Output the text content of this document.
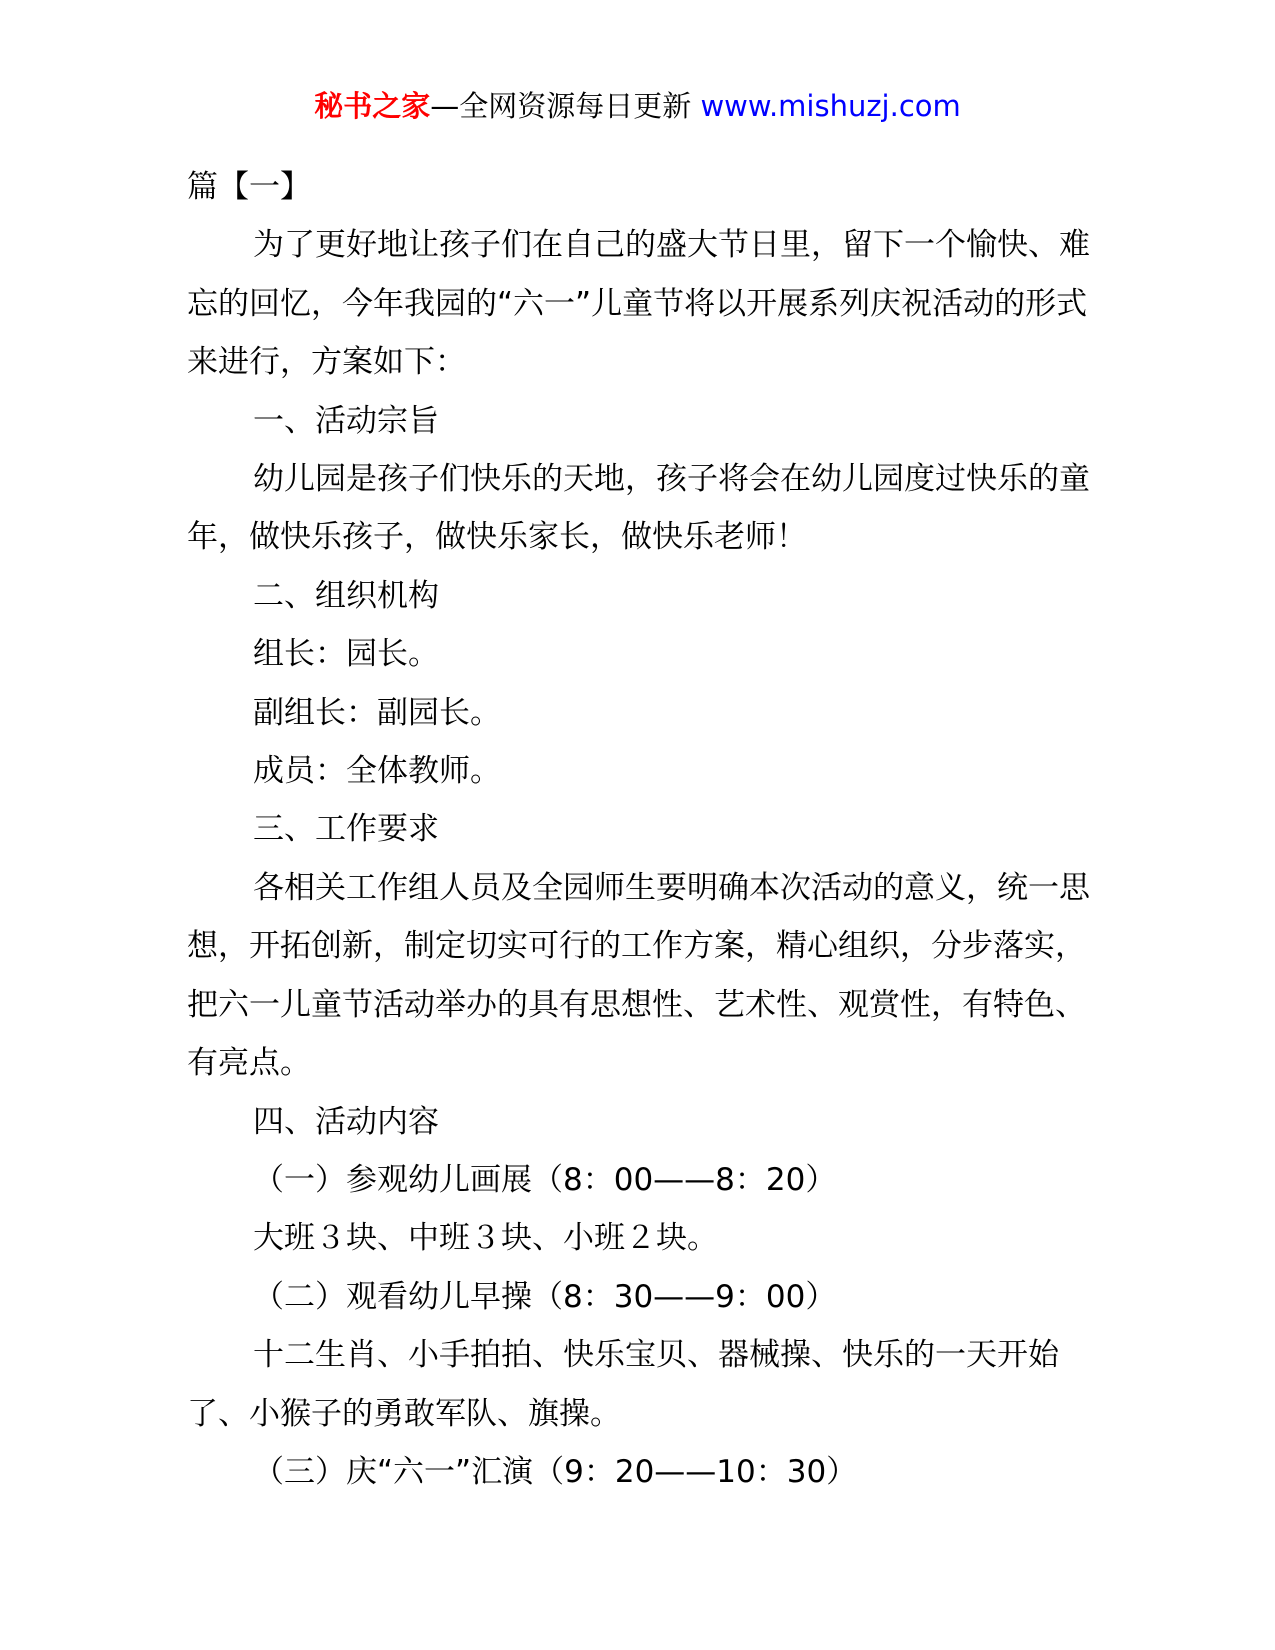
秘书之家—全网资源每日更新 www.mishuzj.com

篇【一】

为了更好地让孩子们在自己的盛大节日里，留下一个愉快、难忘的回忆，今年我园的“六一”儿童节将以开展系列庆祝活动的形式来进行，方案如下：

一、活动宗旨

幼儿园是孩子们快乐的天地，孩子将会在幼儿园度过快乐的童年，做快乐孩子，做快乐家长，做快乐老师！

二、组织机构

组长：园长。

副组长：副园长。

成员：全体教师。

三、工作要求

各相关工作组人员及全园师生要明确本次活动的意义，统一思想，开拓创新，制定切实可行的工作方案，精心组织，分步落实，把六一儿童节活动举办的具有思想性、艺术性、观赏性，有特色、有亮点。

四、活动内容

（一）参观幼儿画展（8：00——8：20）

大班３块、中班３块、小班２块。

（二）观看幼儿早操（8：30——9：00）

十二生肖、小手拍拍、快乐宝贝、器械操、快乐的一天开始了、小猴子的勇敢军队、旗操。

（三）庆“六一”汇演（9：20——10：30）
